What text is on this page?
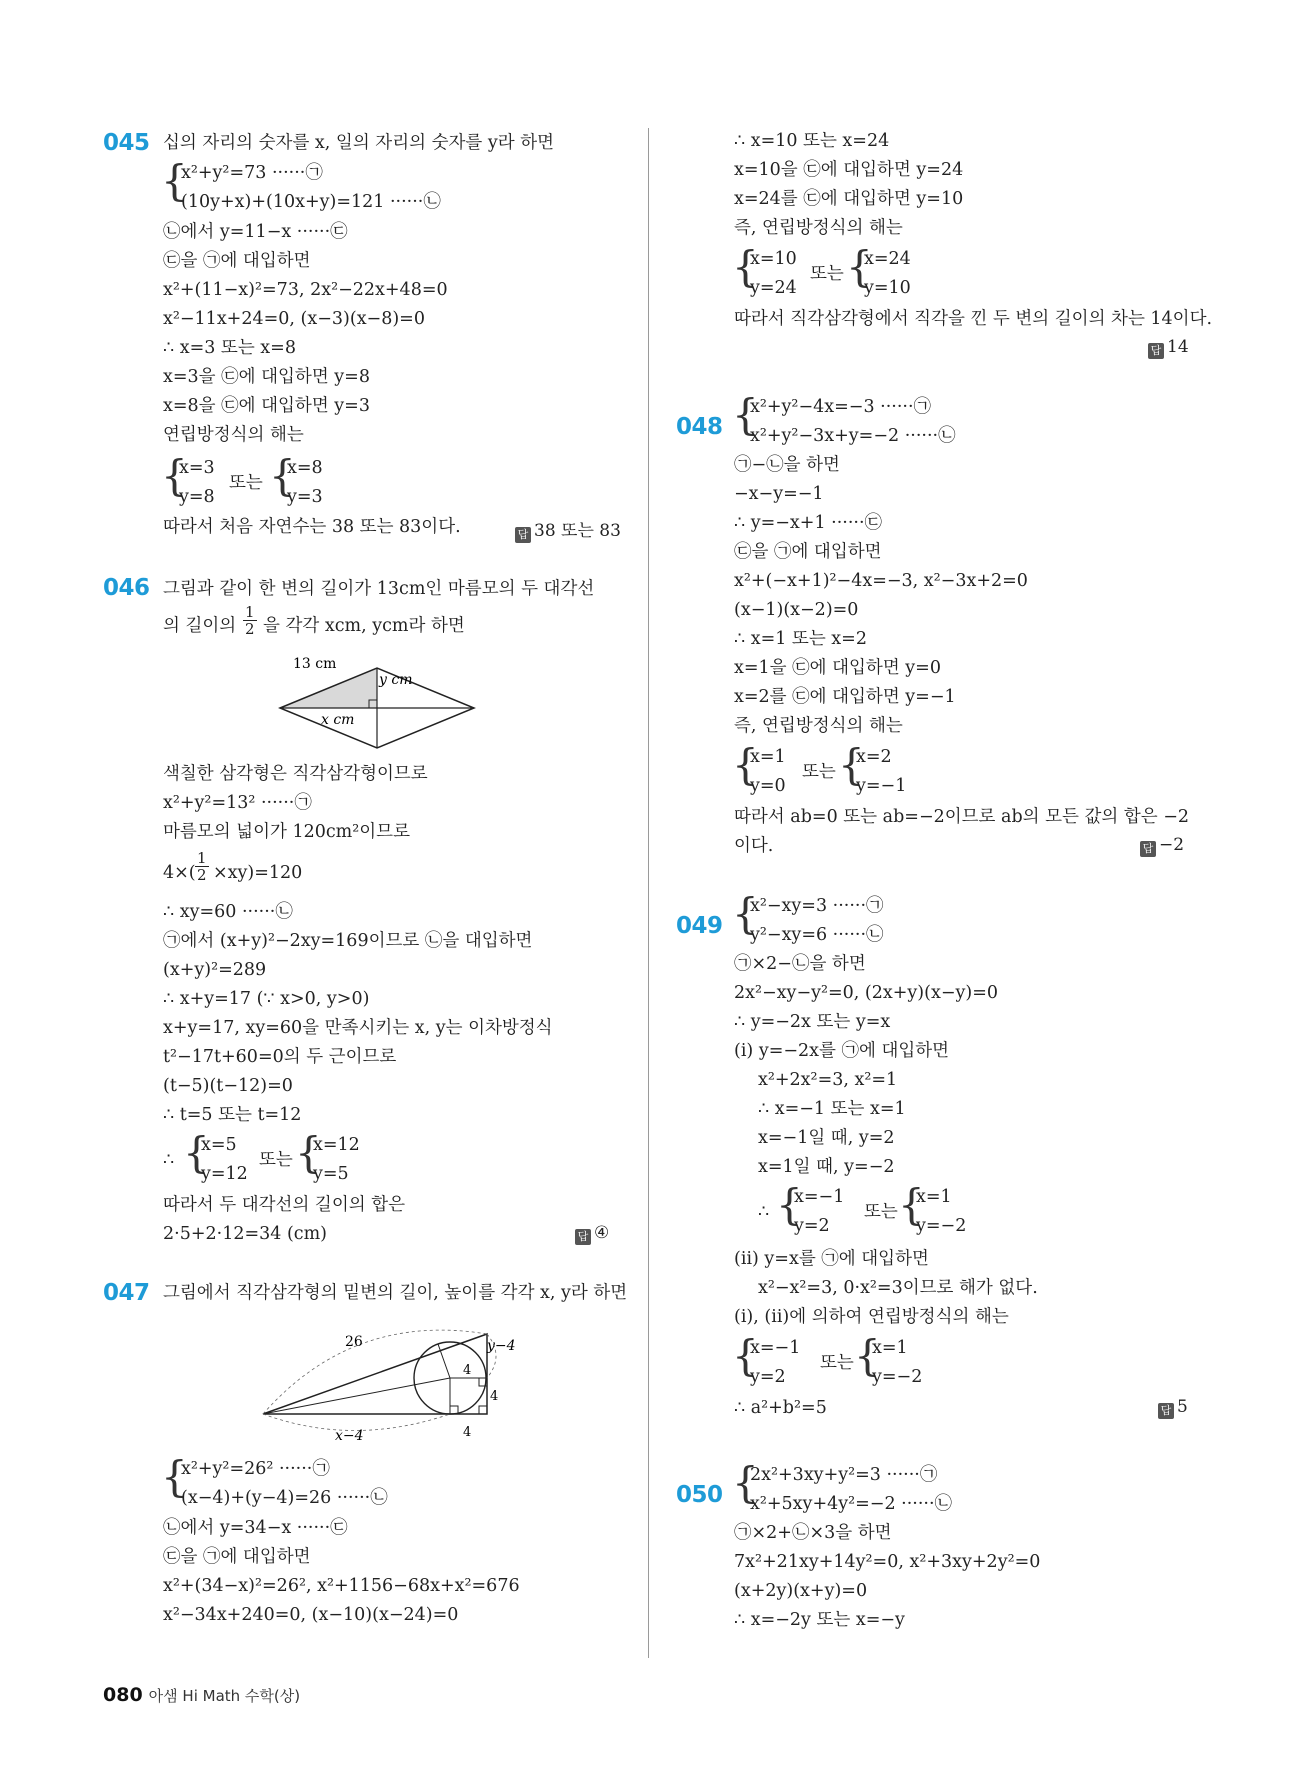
045 십의 자리의 숫자를 x, 일의 자리의 숫자를 y라 하면
{
x²+y²=73 ······㉠
(10y+x)+(10x+y)=121 ······㉡
㉡에서 y=11−x ······㉢
㉢을 ㉠에 대입하면
x²+(11−x)²=73, 2x²−22x+48=0
x²−11x+24=0, (x−3)(x−8)=0
∴ x=3 또는 x=8
x=3을 ㉢에 대입하면 y=8
x=8을 ㉢에 대입하면 y=3
연립방정식의 해는
{
x=3
y=8
또는 {
x=8
y=3
따라서 처음 자연수는 38 또는 83이다.	답 38 또는 83
046 그림과 같이 한 변의 길이가 13cm인 마름모의 두 대각선
의 길이의 $\frac{1}{2}$ 을 각각 xcm, ycm라 하면
13 cm
y cm
x cm
색칠한 삼각형은 직각삼각형이므로
x²+y²=13² ······㉠
마름모의 넓이가 120cm²이므로
$4\times( \frac{1}{2} \times xy)=120$
∴ xy=60 ······㉡
㉠에서 (x+y)²−2xy=169이므로 ㉡을 대입하면
(x+y)²=289
∴ x+y=17 (∵ x>0, y>0)
x+y=17, xy=60을 만족시키는 x, y는 이차방정식
t²−17t+60=0의 두 근이므로
(t−5)(t−12)=0
∴ t=5 또는 t=12
∴ {
x=5
y=12
또는 {
x=12
y=5
따라서 두 대각선의 길이의 합은
2·5+2·12=34 (cm)	답 ④
047 그림에서 직각삼각형의 밑변의 길이, 높이를 각각 x, y라 하면
26	y−4
x−4
4
4
4
{
x²+y²=26² ······㉠
(x−4)+(y−4)=26 ······㉡
㉡에서 y=34−x ······㉢
㉢을 ㉠에 대입하면
x²+(34−x)²=26², x²+1156−68x+x²=676
x²−34x+240=0, (x−10)(x−24)=0
∴ x=10 또는 x=24
x=10을 ㉢에 대입하면 y=24
x=24를 ㉢에 대입하면 y=10
즉, 연립방정식의 해는
{
x=10
y=24
또는 {
x=24
y=10
따라서 직각삼각형에서 직각을 낀 두 변의 길이의 차는 14이다.
답 14
048 {
x²+y²−4x=−3 ······㉠
x²+y²−3x+y=−2 ······㉡
㉠−㉡을 하면
−x−y=−1
∴ y=−x+1 ······㉢
㉢을 ㉠에 대입하면
x²+(−x+1)²−4x=−3, x²−3x+2=0
(x−1)(x−2)=0
∴ x=1 또는 x=2
x=1을 ㉢에 대입하면 y=0
x=2를 ㉢에 대입하면 y=−1
즉, 연립방정식의 해는
{
x=1
y=0
또는 {
x=2
y=−1
따라서 ab=0 또는 ab=−2이므로 ab의 모든 값의 합은 −2
이다.	답 −2
049 {
x²−xy=3 ······㉠
y²−xy=6 ······㉡
㉠×2−㉡을 하면
2x²−xy−y²=0, (2x+y)(x−y)=0
∴ y=−2x 또는 y=x
(ⅰ) y=−2x를 ㉠에 대입하면
x²+2x²=3, x²=1
∴ x=−1 또는 x=1
x=−1일 때, y=2
x=1일 때, y=−2
∴ {
x=−1
y=2
또는 {
x=1
y=−2
(ⅱ) y=x를 ㉠에 대입하면
x²−x²=3, 0·x²=3이므로 해가 없다.
(ⅰ), (ⅱ)에 의하여 연립방정식의 해는
{
x=−1
y=2
또는 {
x=1
y=−2
∴ a²+b²=5	답 5
050 {
2x²+3xy+y²=3 ······㉠
x²+5xy+4y²=−2 ······㉡
㉠×2+㉡×3을 하면
7x²+21xy+14y²=0, x²+3xy+2y²=0
(x+2y)(x+y)=0
∴ x=−2y 또는 x=−y
080 아샘 Hi Math 수학(상)
